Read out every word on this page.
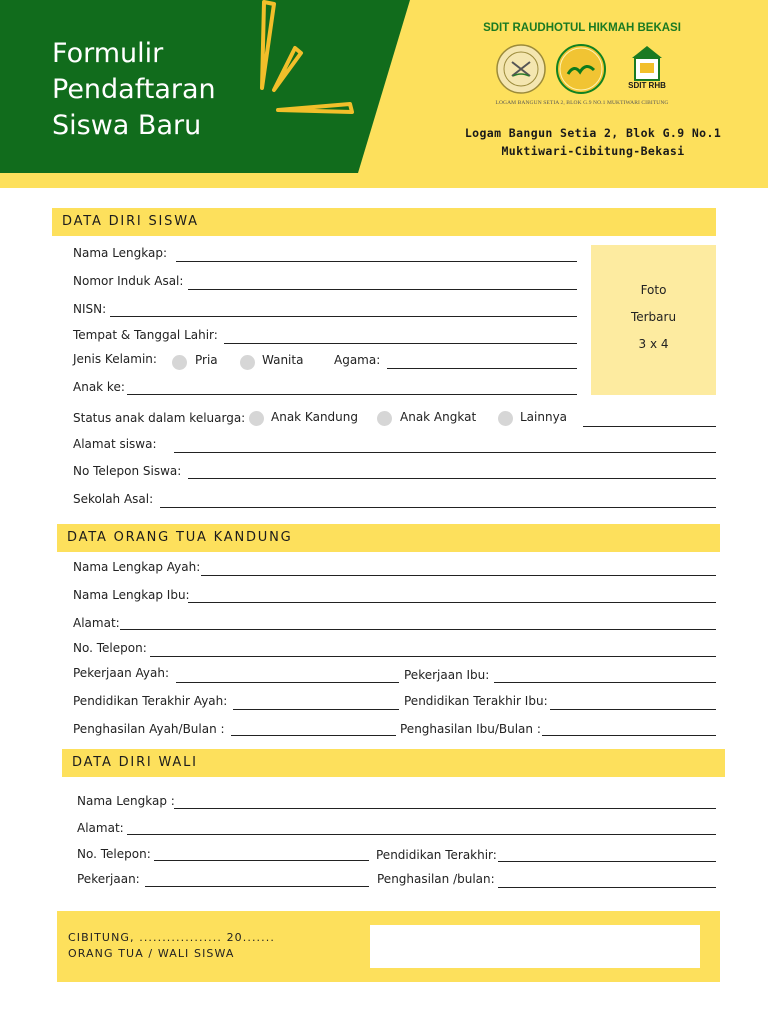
Formulir
Pendaftaran
Siswa Baru
SDIT RAUDHOTUL HIKMAH BEKASI
SDIT RHB
LOGAM BANGUN SETIA 2, BLOK G.9 NO.1 MUKTIWARI CIBITUNG
Logam Bangun Setia 2, Blok G.9 No.1
Muktiwari-Cibitung-Bekasi
DATA DIRI SISWA
Nama Lengkap:
Nomor Induk Asal:
NISN:
Tempat & Tanggal Lahir:
Jenis Kelamin:	Pria	Wanita	Agama:
Anak ke:
Foto
Terbaru
3 x 4
Status anak dalam keluarga: Anak Kandung	Anak Angkat	Lainnya
Alamat siswa:
No Telepon Siswa:
Sekolah Asal:
DATA ORANG TUA KANDUNG
Nama Lengkap Ayah:
Nama Lengkap Ibu:
Alamat:
No. Telepon:
Pekerjaan Ayah:	Pekerjaan Ibu:
Pendidikan Terakhir Ayah:	Pendidikan Terakhir Ibu:
Penghasilan Ayah/Bulan :	Penghasilan Ibu/Bulan :
DATA DIRI WALI
Nama Lengkap :
Alamat:
No. Telepon:	Pendidikan Terakhir:
Pekerjaan:	Penghasilan /bulan:
CIBITUNG, .................. 20.......
ORANG TUA / WALI SISWA
